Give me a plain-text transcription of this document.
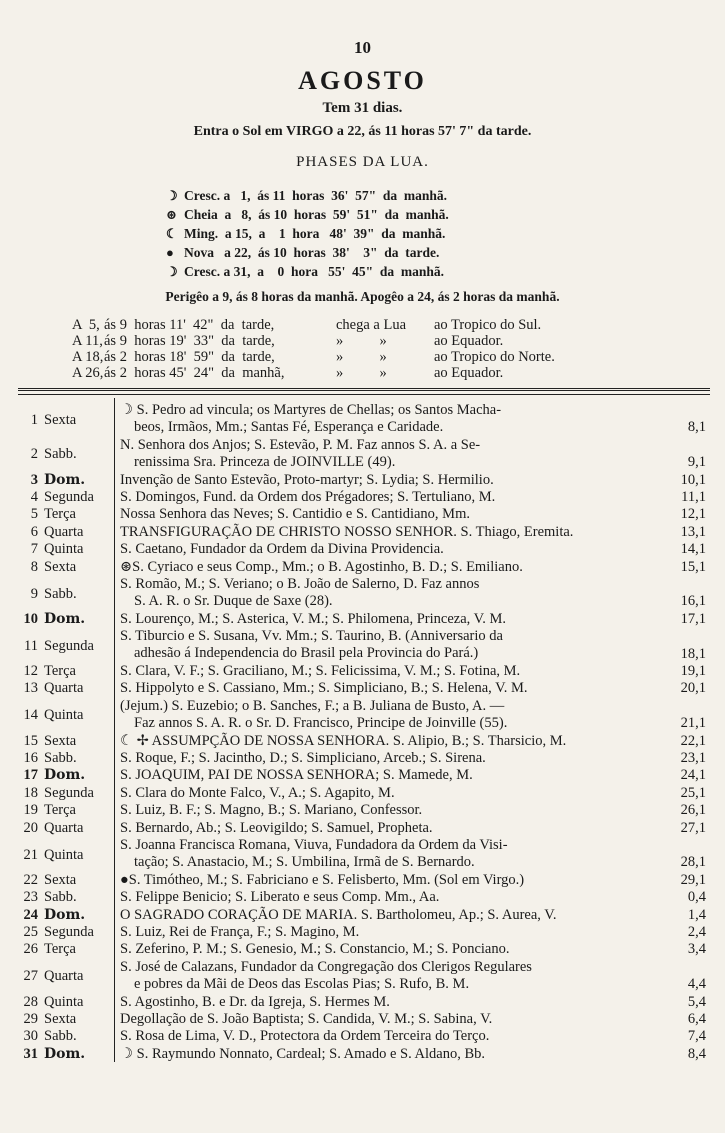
10
AGOSTO
Tem 31 dias.
Entra o Sol em VIRGO a 22, ás 11 horas 57' 7" da tarde.
PHASES DA LUA.
☽ Cresc. a   1,  ás 11  horas  36'  57"  da  manhã.
⊛ Cheia  a   8,  ás 10  horas  59'  51"  da  manhã.
☾ Ming.  a 15,  a    1  hora   48'  39"  da  manhã.
● Nova   a 22,  ás 10  horas  38'    3"  da  tarde.
☽ Cresc. a 31,  a    0  hora   55'  45"  da  manhã.
Perigêo a 9, ás 8 horas da manhã. Apogêo a 24, ás 2 horas da manhã.
A  5, ás 9  horas 11'  42"  da  tarde,	chega a Lua ao Tropico do Sul.
A 11, ás 9  horas 19'  33"  da  tarde,	»          »	ao Equador.
A 18, ás 2  horas 18'  59"  da  tarde,	»          »	ao Tropico do Norte.
A 26, ás 2  horas 45'  24"  da  manhã,	»          »	ao Equador.
1 Sexta
☽ S. Pedro ad vincula; os Martyres de Chellas; os Santos Macha-
beos, Irmãos, Mm.; Santas Fé, Esperança e Caridade.	8,1
2 Sabb.
N. Senhora dos Anjos; S. Estevão, P. M. Faz annos S. A. a Se-
renissima Sra. Princeza de JOINVILLE (49).	9,1
3 Dom. Invenção de Santo Estevão, Proto-martyr; S. Lydia; S. Hermilio.	10,1
4 Segunda S. Domingos, Fund. da Ordem dos Prégadores; S. Tertuliano, M.	11,1
5 Terça	Nossa Senhora das Neves; S. Cantidio e S. Cantidiano, Mm.	12,1
6 Quarta	TRANSFIGURAÇÃO DE CHRISTO NOSSO SENHOR. S. Thiago, Eremita.	13,1
7 Quinta	S. Caetano, Fundador da Ordem da Divina Providencia.	14,1
8 Sexta	⊛S. Cyriaco e seus Comp., Mm.; o B. Agostinho, B. D.; S. Emiliano.	15,1
9 Sabb.
S. Romão, M.; S. Veriano; o B. João de Salerno, D. Faz annos
S. A. R. o Sr. Duque de Saxe (28).	16,1
10 Dom. S. Lourenço, M.; S. Asterica, V. M.; S. Philomena, Princeza, V. M.	17,1
11 Segunda
S. Tiburcio e S. Susana, Vv. Mm.; S. Taurino, B. (Anniversario da
adhesão á Independencia do Brasil pela Provincia do Pará.)	18,1
12 Terça	S. Clara, V. F.; S. Graciliano, M.; S. Felicissima, V. M.; S. Fotina, M.	19,1
13 Quarta	S. Hippolyto e S. Cassiano, Mm.; S. Simpliciano, B.; S. Helena, V. M.	20,1
14 Quinta
(Jejum.) S. Euzebio; o B. Sanches, F.; a B. Juliana de Busto, A. —
Faz annos S. A. R. o Sr. D. Francisco, Principe de Joinville (55).	21,1
15 Sexta	☾ ✢ ASSUMPÇÃO DE NOSSA SENHORA. S. Alipio, B.; S. Tharsicio, M.	22,1
16 Sabb.	S. Roque, F.; S. Jacintho, D.; S. Simpliciano, Arceb.; S. Sirena.	23,1
17 Dom. S. JOAQUIM, PAI DE NOSSA SENHORA; S. Mamede, M.	24,1
18 Segunda S. Clara do Monte Falco, V., A.; S. Agapito, M.	25,1
19 Terça	S. Luiz, B. F.; S. Magno, B.; S. Mariano, Confessor.	26,1
20 Quarta	S. Bernardo, Ab.; S. Leovigildo; S. Samuel, Propheta.	27,1
21 Quinta
S. Joanna Francisca Romana, Viuva, Fundadora da Ordem da Visi-
tação; S. Anastacio, M.; S. Umbilina, Irmã de S. Bernardo.	28,1
22 Sexta	●S. Timótheo, M.; S. Fabriciano e S. Felisberto, Mm. (Sol em Virgo.)	29,1
23 Sabb.	S. Felippe Benicio; S. Liberato e seus Comp. Mm., Aa.	0,4
24 Dom. O SAGRADO CORAÇÃO DE MARIA. S. Bartholomeu, Ap.; S. Aurea, V.	1,4
25 Segunda S. Luiz, Rei de França, F.; S. Magino, M.	2,4
26 Terça	S. Zeferino, P. M.; S. Genesio, M.; S. Constancio, M.; S. Ponciano.	3,4
27 Quarta
S. José de Calazans, Fundador da Congregação dos Clerigos Regulares
e pobres da Mãi de Deos das Escolas Pias; S. Rufo, B. M.	4,4
28 Quinta	S. Agostinho, B. e Dr. da Igreja, S. Hermes M.	5,4
29 Sexta	Degollação de S. João Baptista; S. Candida, V. M.; S. Sabina, V.	6,4
30 Sabb.	S. Rosa de Lima, V. D., Protectora da Ordem Terceira do Terço.	7,4
31 Dom. ☽ S. Raymundo Nonnato, Cardeal; S. Amado e S. Aldano, Bb.	8,4
